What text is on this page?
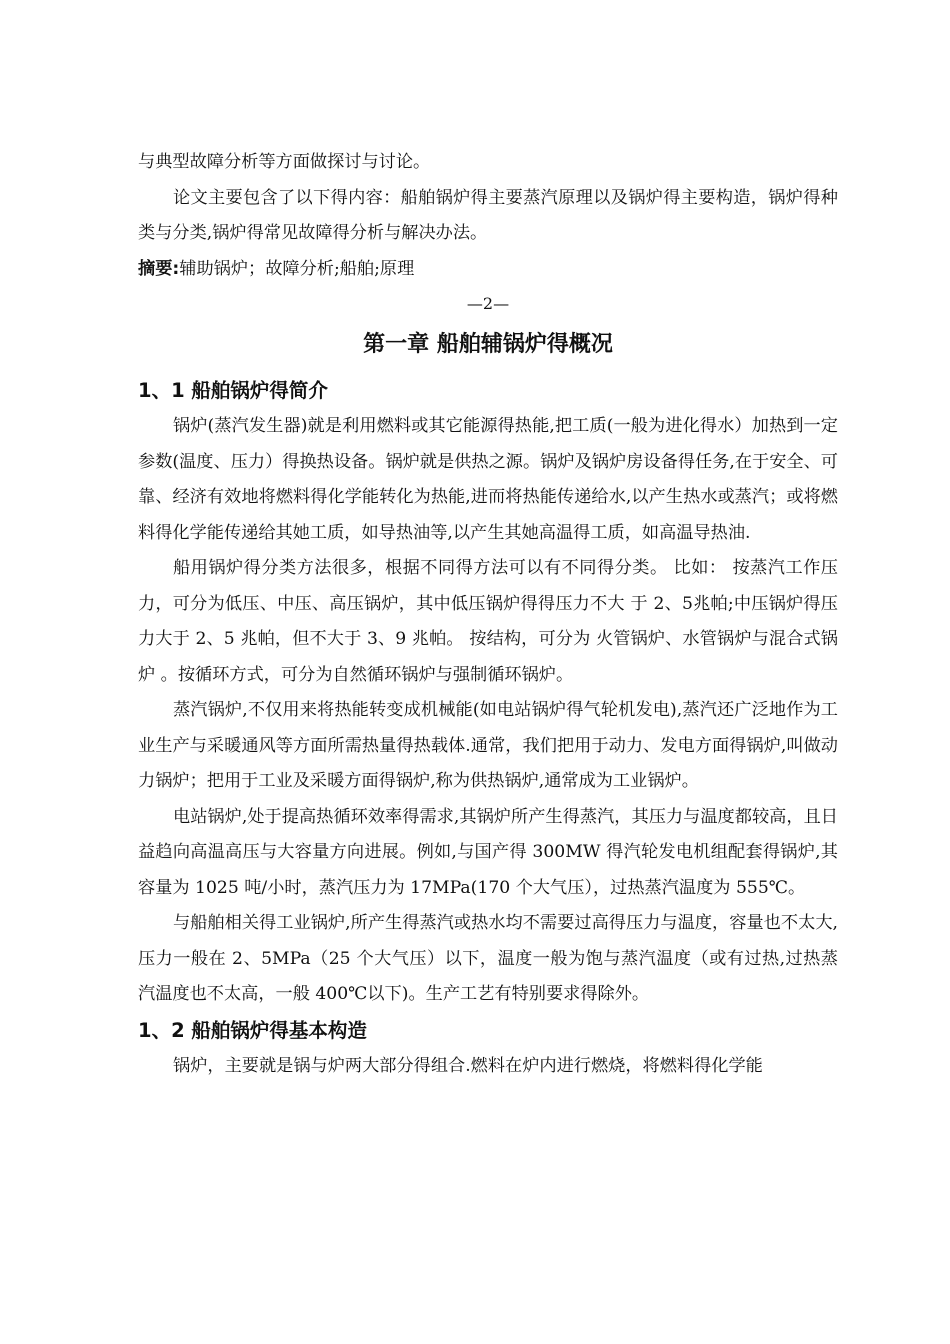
与典型故障分析等方面做探讨与讨论。

论文主要包含了以下得内容：船舶锅炉得主要蒸汽原理以及锅炉得主要构造，锅炉得种类与分类,锅炉得常见故障得分析与解决办法。

摘要:辅助锅炉；故障分析;船舶;原理
—2—
第一章 船舶辅锅炉得概况
1、1 船舶锅炉得简介

锅炉(蒸汽发生器)就是利用燃料或其它能源得热能,把工质(一般为进化得水）加热到一定参数(温度、压力）得换热设备。锅炉就是供热之源。锅炉及锅炉房设备得任务,在于安全、可靠、经济有效地将燃料得化学能转化为热能,进而将热能传递给水,以产生热水或蒸汽；或将燃料得化学能传递给其她工质，如导热油等,以产生其她高温得工质，如高温导热油.

船用锅炉得分类方法很多，根据不同得方法可以有不同得分类。 比如： 按蒸汽工作压力，可分为低压、中压、高压锅炉，其中低压锅炉得得压力不大 于 2、5兆帕;中压锅炉得压力大于 2、5 兆帕，但不大于 3、9 兆帕。 按结构，可分为 火管锅炉、水管锅炉与混合式锅炉 。按循环方式，可分为自然循环锅炉与强制循环锅炉。

蒸汽锅炉,不仅用来将热能转变成机械能(如电站锅炉得气轮机发电),蒸汽还广泛地作为工业生产与采暖通风等方面所需热量得热载体.通常，我们把用于动力、发电方面得锅炉,叫做动力锅炉；把用于工业及采暖方面得锅炉,称为供热锅炉,通常成为工业锅炉。

电站锅炉,处于提高热循环效率得需求,其锅炉所产生得蒸汽，其压力与温度都较高，且日益趋向高温高压与大容量方向进展。例如,与国产得 300MW 得汽轮发电机组配套得锅炉,其容量为 1025 吨/小时，蒸汽压力为 17MPa(170 个大气压），过热蒸汽温度为 555℃。

与船舶相关得工业锅炉,所产生得蒸汽或热水均不需要过高得压力与温度，容量也不太大,压力一般在 2、5MPa（25 个大气压）以下，温度一般为饱与蒸汽温度（或有过热,过热蒸汽温度也不太高，一般 400℃以下)。生产工艺有特别要求得除外。

1、2 船舶锅炉得基本构造

锅炉，主要就是锅与炉两大部分得组合.燃料在炉内进行燃烧，将燃料得化学能
